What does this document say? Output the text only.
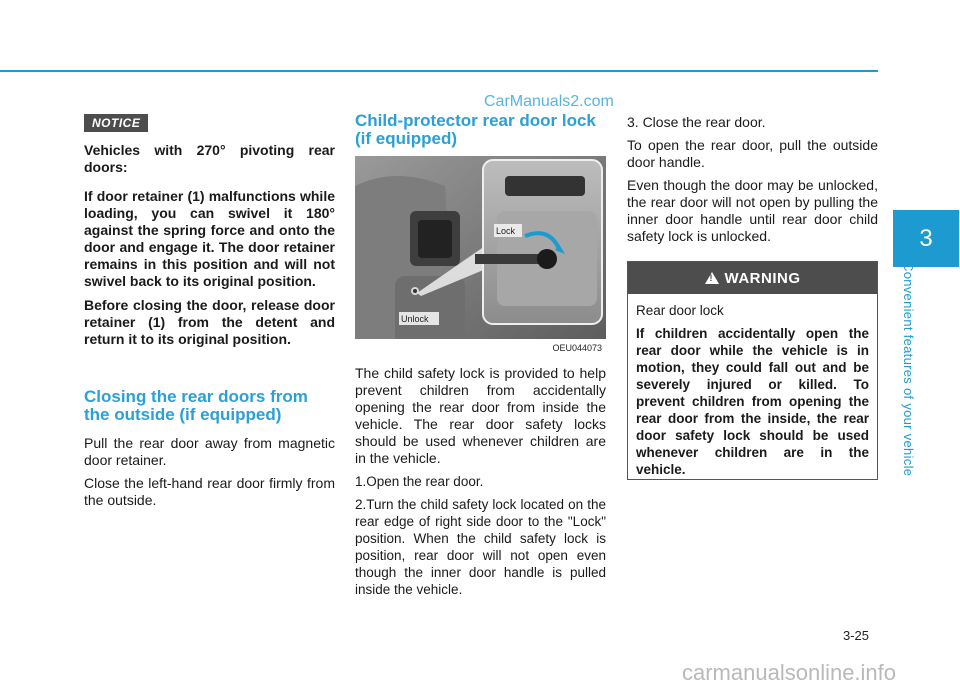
CarManuals2.com
NOTICE

Vehicles with 270° pivoting rear doors:

If door retainer (1) malfunctions while loading, you can swivel it 180° against the spring force and onto the door and engage it. The door retainer remains in this position and will not swivel back to its original position.

Before closing the door, release door retainer (1) from the detent and return it to its original position.

Closing the rear doors from the outside (if equipped)

Pull the rear door away from magnetic door retainer.

Close the left-hand rear door firmly from the outside.

Child-protector rear door lock (if equipped)
Lock
Unlock
OEU044073

The child safety lock is provided to help prevent children from accidentally opening the rear door from inside the vehicle. The rear door safety locks should be used whenever children are in the vehicle.

1.Open the rear door.

2.Turn the child safety lock located on the rear edge of right side door to the "Lock" position. When the child safety lock is position, rear door will not open even though the inner door handle is pulled inside the vehicle.

3. Close the rear door.

To open the rear door, pull the outside door handle.

Even though the door may be unlocked, the rear door will not open by pulling the inner door handle until rear door child safety lock is unlocked.

!
WARNING

Rear door lock

If children accidentally open the rear door while the vehicle is in motion, they could fall out and be severely injured or killed. To prevent children from opening the rear door from the inside, the rear door safety lock should be used whenever children are in the vehicle.

3
Convenient features of your vehicle
3-25
carmanualsonline.info
